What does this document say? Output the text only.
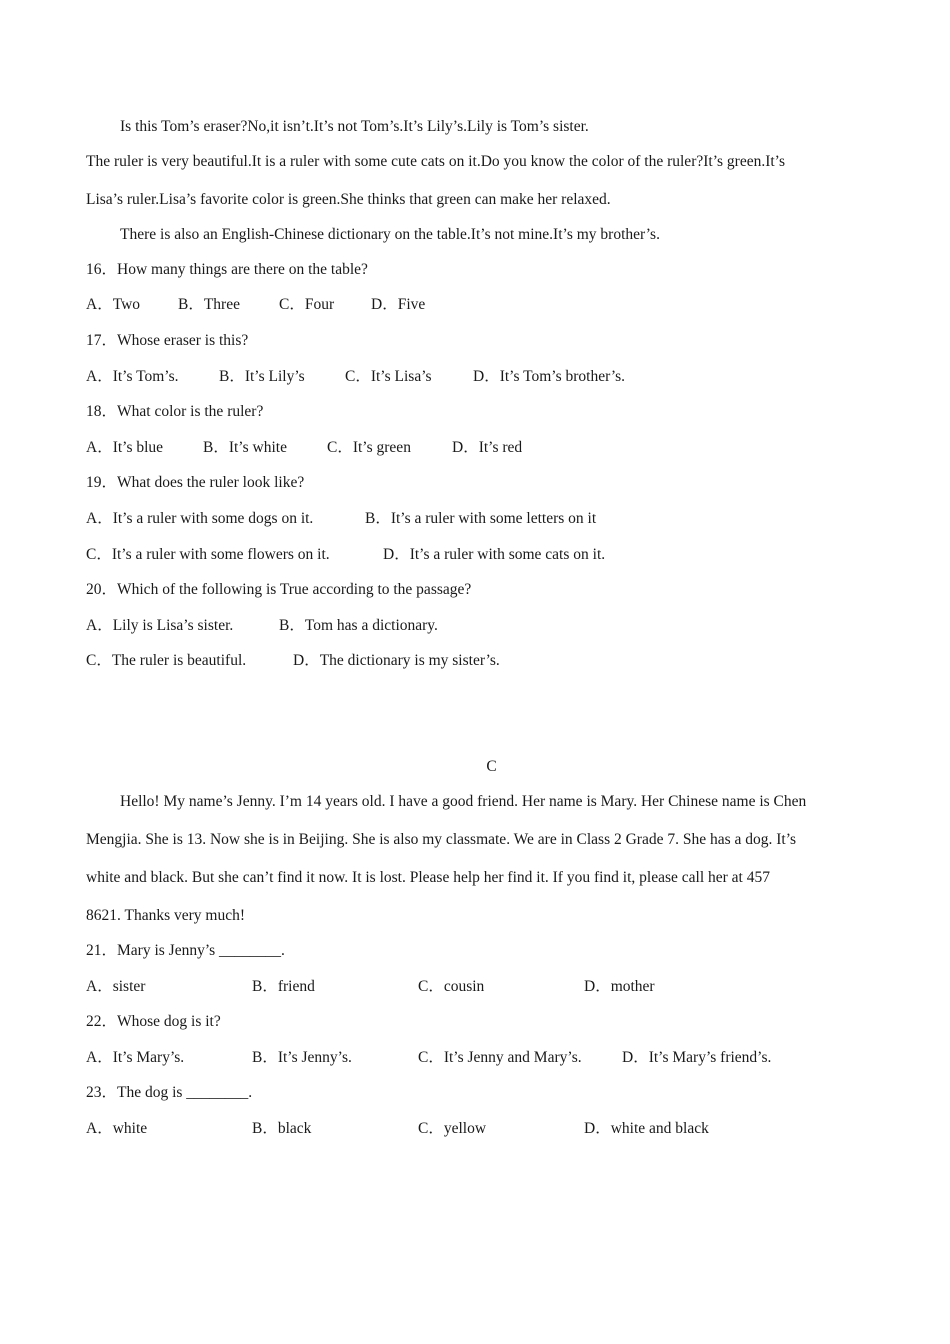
Is this Tom’s eraser?No,it isn’t.It’s not Tom’s.It’s Lily’s.Lily is Tom’s sister.
The ruler is very beautiful.It is a ruler with some cute cats on it.Do you know the color of the ruler?It’s green.It’s
Lisa’s ruler.Lisa’s favorite color is green.She thinks that green can make her relaxed.
There is also an English-Chinese dictionary on the table.It’s not mine.It’s my brother’s.
16．How many things are there on the table?
A．Two B．Three	C．Four D．Five
17．Whose eraser is this?
A．It’s Tom’s.	B．It’s Lily’s	C．It’s Lisa’s	D．It’s Tom’s brother’s.
18．What color is the ruler?
A．It’s blue	B．It’s white	C．It’s green	D．It’s red
19．What does the ruler look like?
A．It’s a ruler with some dogs on it.	B．It’s a ruler with some letters on it
C．It’s a ruler with some flowers on it.	D．It’s a ruler with some cats on it.
20．Which of the following is True according to the passage?
A．Lily is Lisa’s sister.	B．Tom has a dictionary.
C．The ruler is beautiful.	D．The dictionary is my sister’s.
C
Hello! My name’s Jenny. I’m 14 years old. I have a good friend. Her name is Mary. Her Chinese name is Chen
Mengjia. She is 13. Now she is in Beijing. She is also my classmate. We are in Class 2 Grade 7. She has a dog. It’s
white and black. But she can’t find it now. It is lost. Please help her find it. If you find it, please call her at 457
8621. Thanks very much!
21．Mary is Jenny’s ________.
A．sister	B．friend	C．cousin	D．mother
22．Whose dog is it?
A．It’s Mary’s.	B．It’s Jenny’s.	C．It’s Jenny and Mary’s.	D．It’s Mary’s friend’s.
23．The dog is ________.
A．white	B．black	C．yellow	D．white and black
